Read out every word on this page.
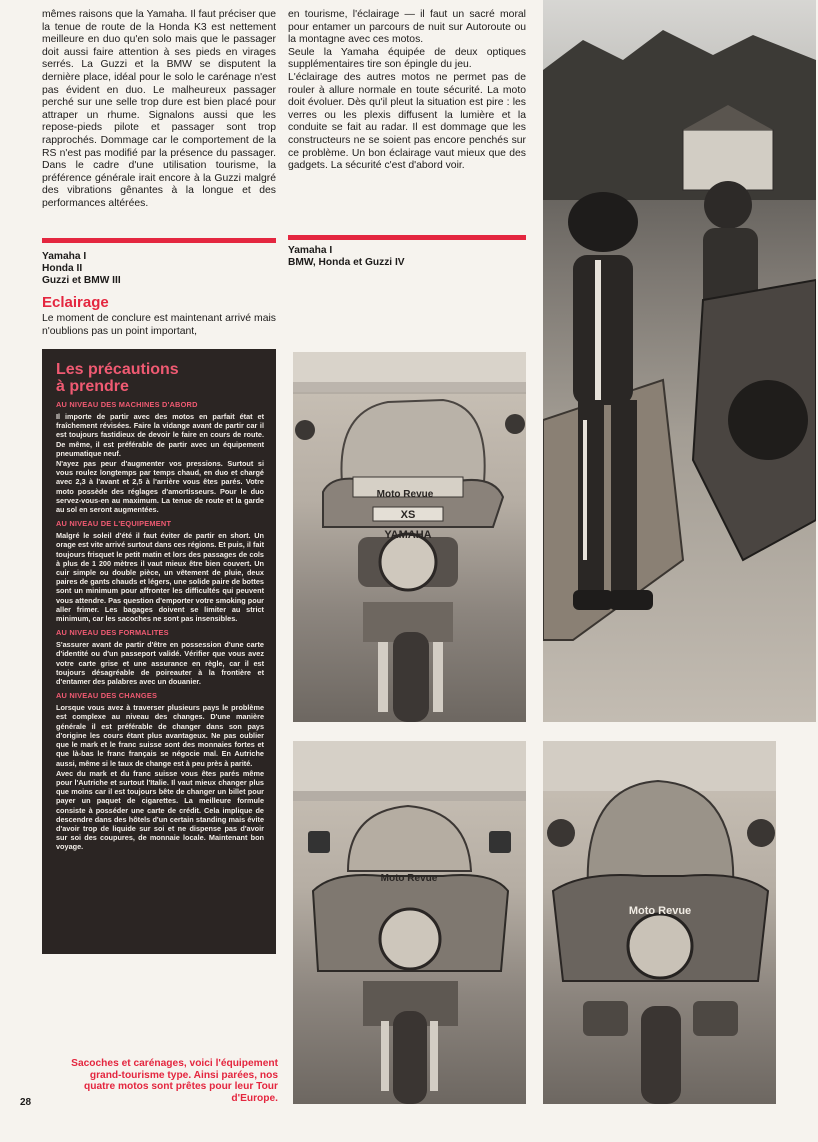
mêmes raisons que la Yamaha. Il faut préciser que la tenue de route de la Honda K3 est nettement meilleure en duo qu'en solo mais que le passager doit aussi faire attention à ses pieds en virages serrés. La Guzzi et la BMW se disputent la dernière place, idéal pour le solo le carénage n'est pas évident en duo. Le malheureux passager perché sur une selle trop dure est bien placé pour attraper un rhume. Signalons aussi que les repose-pieds pilote et passager sont trop rapprochés. Dommage car le comportement de la RS n'est pas modifié par la présence du passager. Dans le cadre d'une utilisation tourisme, la préférence générale irait encore à la Guzzi malgré des vibrations gênantes à la longue et des performances altérées.

Yamaha I
Honda II
Guzzi et BMW III
Eclairage
Le moment de conclure est maintenant arrivé mais n'oublions pas un point important,

en tourisme, l'éclairage — il faut un sacré moral pour entamer un parcours de nuit sur Autoroute ou la montagne avec ces motos.

Seule la Yamaha équipée de deux optiques supplémentaires tire son épingle du jeu.

L'éclairage des autres motos ne permet pas de rouler à allure normale en toute sécurité. La moto doit évoluer. Dès qu'il pleut la situation est pire : les verres ou les plexis diffusent la lumière et la conduite se fait au radar. Il est dommage que les constructeurs ne se soient pas encore penchés sur ce problème. Un bon éclairage vaut mieux que des gadgets. La sécurité c'est d'abord voir.

Yamaha I
BMW, Honda et Guzzi IV
Les précautions
à prendre
AU NIVEAU DES MACHINES D'ABORD

Il importe de partir avec des motos en parfait état et fraîchement révisées. Faire la vidange avant de partir car il est toujours fastidieux de devoir le faire en cours de route. De même, il est préférable de partir avec un équipement pneumatique neuf.

N'ayez pas peur d'augmenter vos pressions. Surtout si vous roulez longtemps par temps chaud, en duo et chargé avec 2,3 à l'avant et 2,5 à l'arrière vous êtes parés. Votre moto possède des réglages d'amortisseurs. Pour le duo servez-vous-en au maximum. La tenue de route et la garde au sol en seront augmentées.

AU NIVEAU DE L'EQUIPEMENT

Malgré le soleil d'été il faut éviter de partir en short. Un orage est vite arrivé surtout dans ces régions. Et puis, il fait toujours frisquet le petit matin et lors des passages de cols à plus de 1 200 mètres il vaut mieux être bien couvert. Un cuir simple ou double pièce, un vêtement de pluie, deux paires de gants chauds et légers, une solide paire de bottes sont un minimum pour affronter les difficultés qui peuvent vous attendre. Pas question d'emporter votre smoking pour aller frimer. Les bagages doivent se limiter au strict minimum, car les sacoches ne sont pas insensibles.

AU NIVEAU DES FORMALITES

S'assurer avant de partir d'être en possession d'une carte d'identité ou d'un passeport validé. Vérifier que vous avez votre carte grise et une assurance en règle, car il est toujours désagréable de poireauter à la frontière et d'entamer des palabres avec un douanier.

AU NIVEAU DES CHANGES

Lorsque vous avez à traverser plusieurs pays le problème est complexe au niveau des changes. D'une manière générale il est préférable de changer dans son pays d'origine les cours étant plus avantageux. Ne pas oublier que le mark et le franc suisse sont des monnaies fortes et que là-bas le franc français se négocie mal. En Autriche aussi, même si le taux de change est à peu près à parité.

Avec du mark et du franc suisse vous êtes parés même pour l'Autriche et surtout l'Italie. Il vaut mieux changer plus que moins car il est toujours bête de changer un billet pour payer un paquet de cigarettes. La meilleure formule consiste à posséder une carte de crédit. Cela implique de descendre dans des hôtels d'un certain standing mais évite d'avoir trop de liquide sur soi et ne dispense pas d'avoir sur soi des coupures, de monnaie locale. Maintenant bon voyage.

Moto Revue
XS
YAMAHA
Moto Revue
Moto Revue
Sacoches et carénages, voici l'équipement grand-tourisme type. Ainsi parées, nos quatre motos sont prêtes pour leur Tour d'Europe.
28
